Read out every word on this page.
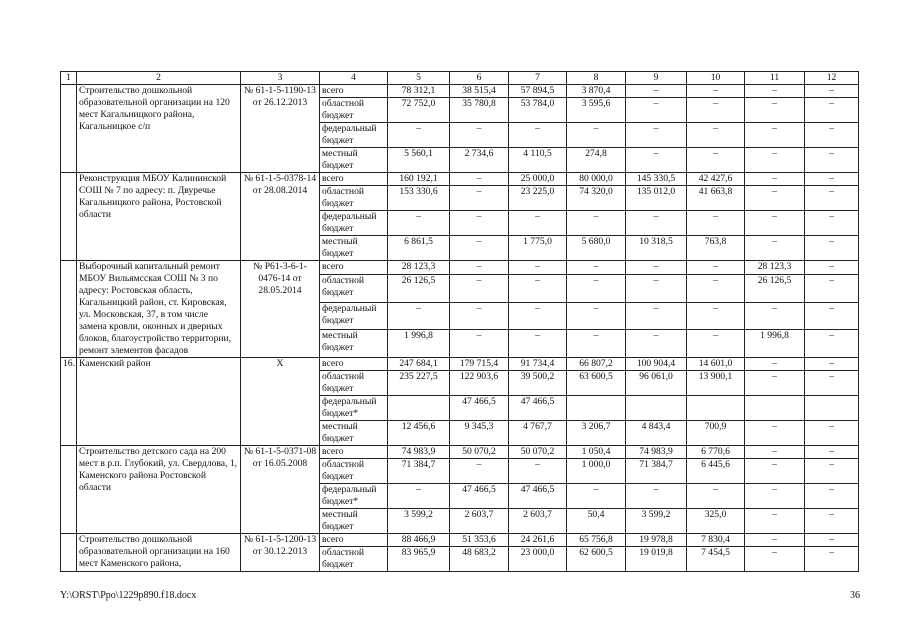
1	2	3	4	5	6	7	8	9	10	11	12
	Строительство дошкольной образовательной организации на 120 мест Кагальницкого района, Кагальницкое с/п	№ 61-1-5-1190-13 от 26.12.2013	всего	78 312,1	38 515,4	57 894,5	3 870,4	–	–	–	–
			областной бюджет	72 752,0	35 780,8	53 784,0	3 595,6	–	–	–	–
			федеральный бюджет	–	–	–	–	–	–	–	–
			местный бюджет	5 560,1	2 734,6	4 110,5	274,8	–	–	–	–
	Реконструкция МБОУ Калининской СОШ № 7 по адресу: п. Двуречье Кагальницкого района, Ростовской области	№ 61-1-5-0378-14 от 28.08.2014	всего	160 192,1	–	25 000,0	80 000,0	145 330,5	42 427,6	–	–
			областной бюджет	153 330,6	–	23 225,0	74 320,0	135 012,0	41 663,8	–	–
			федеральный бюджет	–	–	–	–	–	–	–	–
			местный бюджет	6 861,5	–	1 775,0	5 680,0	10 318,5	763,8	–	–
	Выборочный капитальный ремонт МБОУ Вильямсская СОШ № 3 по адресу: Ростовская область, Кагальницкий район, ст. Кировская, ул. Московская, 37, в том числе замена кровли, оконных и дверных блоков, благоустройство территории, ремонт элементов фасадов	№ Р61-3-6-1-0476-14 от 28.05.2014	всего	28 123,3	–	–	–	–	–	28 123,3	–
			областной бюджет	26 126,5	–	–	–	–	–	26 126,5	–
			федеральный бюджет	–	–	–	–	–	–	–	–
			местный бюджет	1 996,8	–	–	–	–	–	1 996,8	–
16.	Каменский район	Х	всего	247 684,1	179 715,4	91 734,4	66 807,2	100 904,4	14 601,0	–	–
			областной бюджет	235 227,5	122 903,6	39 500,2	63 600,5	96 061,0	13 900,1	–	–
			федеральный бюджет*		47 466,5	47 466,5					
			местный бюджет	12 456,6	9 345,3	4 767,7	3 206,7	4 843,4	700,9	–	–
	Строительство детского сада на 200 мест в р.п. Глубокий, ул. Свердлова, 1, Каменского района Ростовской области	№ 61-1-5-0371-08 от 16.05.2008	всего	74 983,9	50 070,2	50 070,2	1 050,4	74 983,9	6 770,6	–	–
			областной бюджет	71 384,7	–	–	1 000,0	71 384,7	6 445,6	–	–
			федеральный бюджет*	–	47 466,5	47 466,5	–	–	–	–	–
			местный бюджет	3 599,2	2 603,7	2 603,7	50,4	3 599,2	325,0	–	–
	Строительство дошкольной образовательной организации на 160 мест Каменского района,	№ 61-1-5-1200-13 от 30.12.2013	всего	88 466,9	51 353,6	24 261,6	65 756,8	19 978,8	7 830,4	–	–
			областной бюджет	83 965,9	48 683,2	23 000,0	62 600,5	19 019,8	7 454,5	–	–
Y:\ORST\Ppo\1229p890.f18.docx	36
